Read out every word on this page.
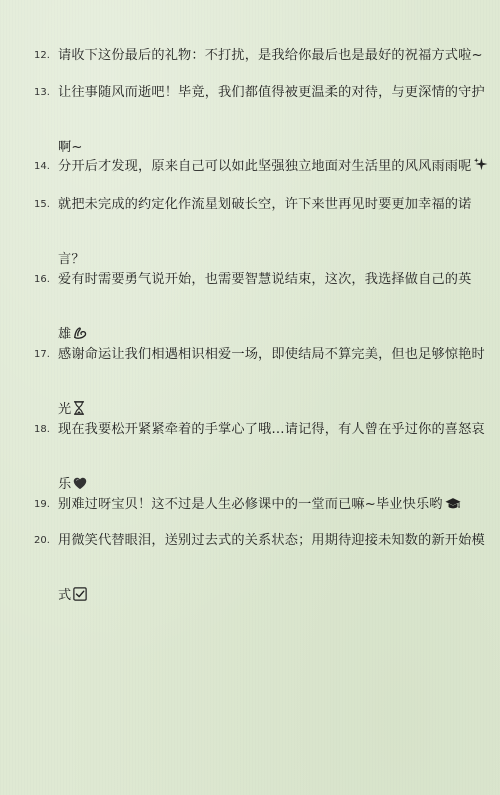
12. 请收下这份最后的礼物：不打扰，是我给你最后也是最好的祝福方式啦~
13. 让往事随风而逝吧！毕竟，我们都值得被更温柔的对待，与更深情的守护
啊~
14. 分开后才发现，原来自己可以如此坚强独立地面对生活里的风风雨雨呢
15. 就把未完成的约定化作流星划破长空，许下来世再见时要更加幸福的诺
言？
16. 爱有时需要勇气说开始，也需要智慧说结束，这次，我选择做自己的英
雄
17. 感谢命运让我们相遇相识相爱一场，即使结局不算完美，但也足够惊艳时
光
18. 现在我要松开紧紧牵着的手掌心了哦…请记得，有人曾在乎过你的喜怒哀
乐
19. 别难过呀宝贝！这不过是人生必修课中的一堂而已嘛~毕业快乐哟
20. 用微笑代替眼泪，送别过去式的关系状态；用期待迎接未知数的新开始模
式
